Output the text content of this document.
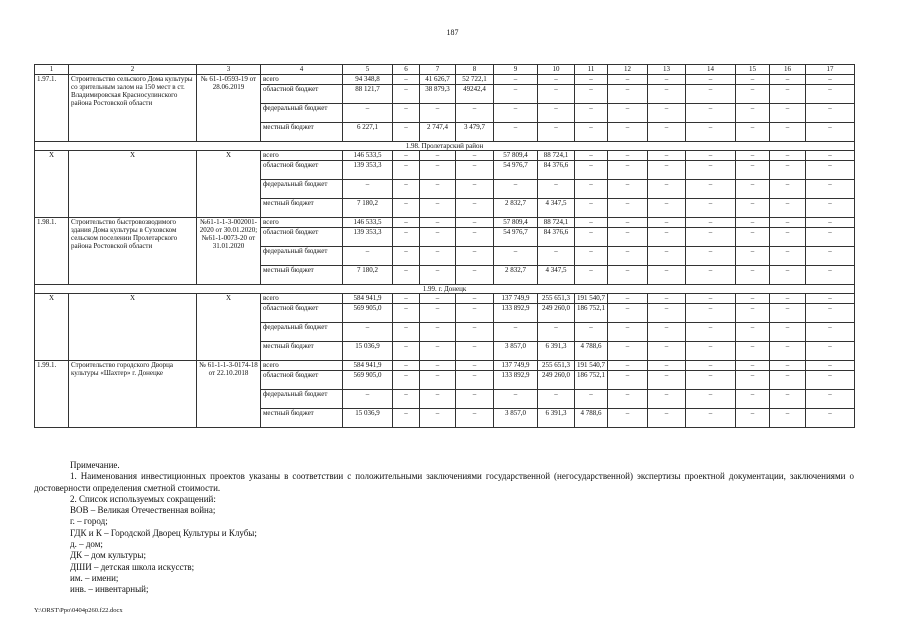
187
1	2	3	4	5	6	7	8	9	10	11	12	13	14	15	16	17
1.97.1.	Строительство сельского Дома культуры со зрительным залом на 150 мест в ст. Владимировская Красносулинского района Ростовской области	№ 61-1-0593-19 от 28.06.2019	всего	94 348,8	–	41 626,7	52 722,1	–	–	–	–	–	–	–	–	–
			областной бюджет	88 121,7	–	38 879,3	49242,4	–	–	–	–	–	–	–	–	–
			федеральный бюджет	–	–	–	–	–	–	–	–	–	–	–	–	–
			местный бюджет	6 227,1	–	2 747,4	3 479,7	–	–	–	–	–	–	–	–	–
1.98. Пролетарский район																
Х	Х	Х	всего	146 533,5	–	–	–	57 809,4	88 724,1	–	–	–	–	–	–	–
			областной бюджет	139 353,3	–	–	–	54 976,7	84 376,6	–	–	–	–	–	–	–
			федеральный бюджет	–	–	–	–	–	–	–	–	–	–	–	–	–
			местный бюджет	7 180,2	–	–	–	2 832,7	4 347,5	–	–	–	–	–	–	–
1.98.1.	Строительство быстровозводимого здания Дома культуры в Суховском сельском поселении Пролетарского района Ростовской области	№61-1-1-3-002001-2020 от 30.01.2020; №61-1-0073-20 от 31.01.2020	всего	146 533,5	–	–	–	57 809,4	88 724,1	–	–	–	–	–	–	–
			областной бюджет	139 353,3	–	–	–	54 976,7	84 376,6	–	–	–	–	–	–	–
			федеральный бюджет	–	–	–	–	–	–	–	–	–	–	–	–	–
			местный бюджет	7 180,2	–	–	–	2 832,7	4 347,5	–	–	–	–	–	–	–
1.99. г. Донецк																
Х	Х	Х	всего	584 941,9	–	–	–	137 749,9	255 651,3	191 540,7	–	–	–	–	–	–
			областной бюджет	569 905,0	–	–	–	133 892,9	249 260,0	186 752,1	–	–	–	–	–	–
			федеральный бюджет	–	–	–	–	–	–	–	–	–	–	–	–	–
			местный бюджет	15 036,9	–	–	–	3 857,0	6 391,3	4 788,6	–	–	–	–	–	–
1.99.1.	Строительство городского Дворца культуры «Шахтер» г. Донецке	№ 61-1-1-3-0174-18 от 22.10.2018	всего	584 941,9	–	–	–	137 749,9	255 651,3	191 540,7	–	–	–	–	–	–
			областной бюджет	569 905,0	–	–	–	133 892,9	249 260,0	186 752,1	–	–	–	–	–	–
			федеральный бюджет	–	–	–	–	–	–	–	–	–	–	–	–	–
			местный бюджет	15 036,9	–	–	–	3 857,0	6 391,3	4 788,6	–	–	–	–	–	–

Примечание.

1. Наименования инвестиционных проектов указаны в соответствии с положительными заключениями государственной (негосударственной) экспертизы проектной документации, заключениями о достоверности определения сметной стоимости.

2. Список используемых сокращений:

ВОВ – Великая Отечественная война;

г. – город;

ГДК и К – Городской Дворец Культуры и Клубы;

д. – дом;

ДК – дом культуры;

ДШИ – детская школа искусств;

им. – имени;

инв. – инвентарный;

Y:\ORST\Ppo\0404p260.f22.docx
